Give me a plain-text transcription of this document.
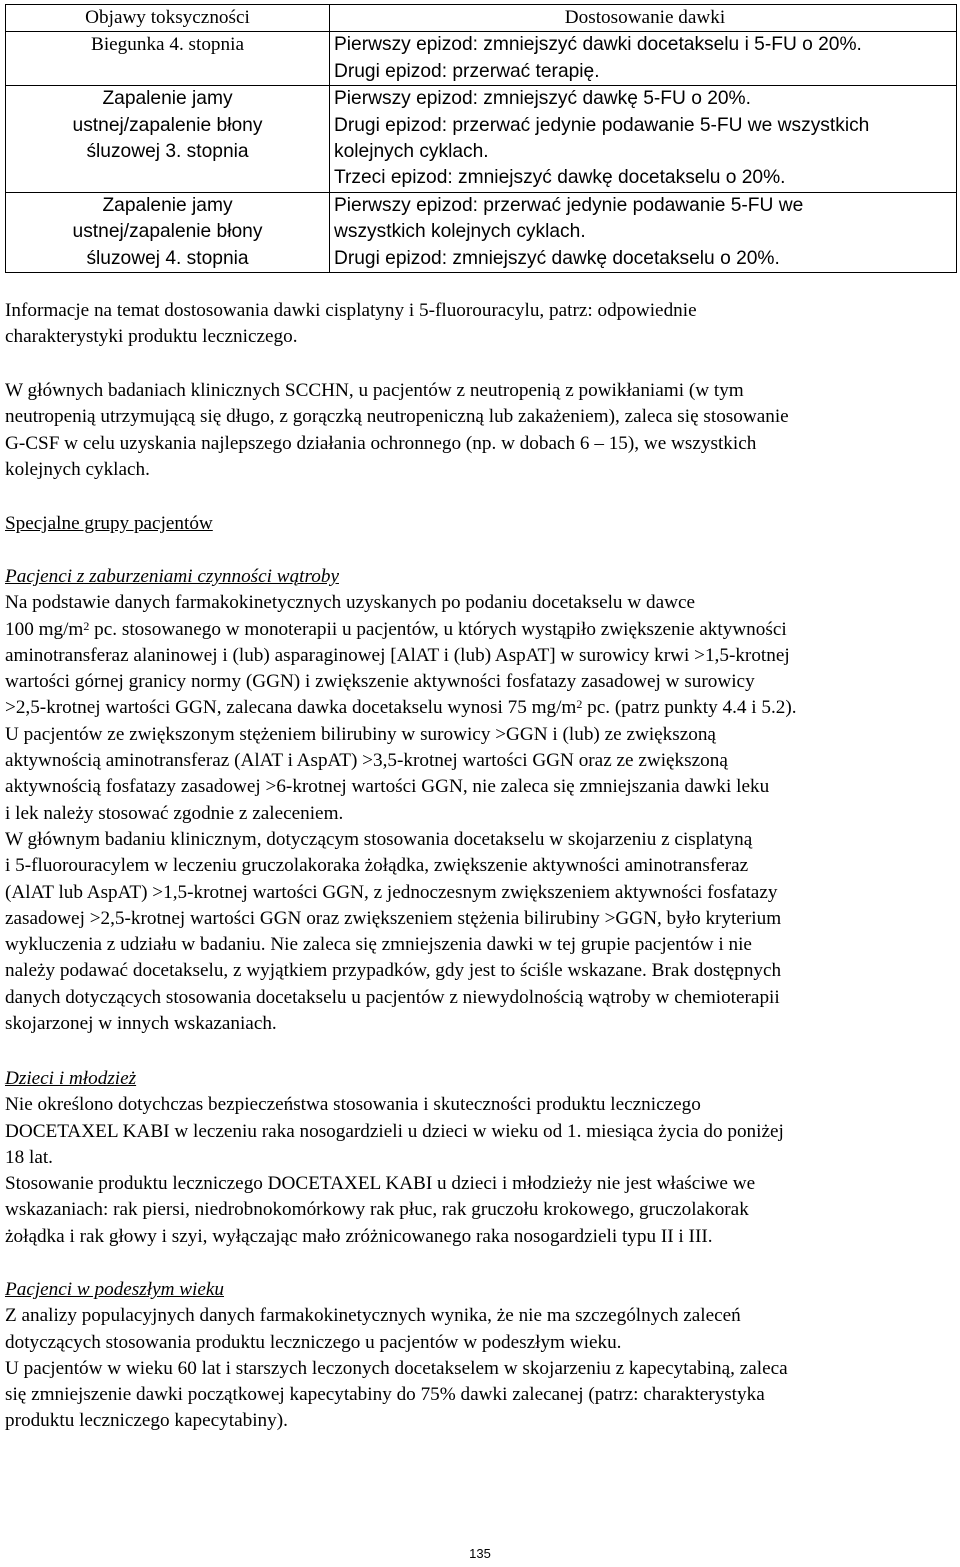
Objawy toksyczności	Dostosowanie dawki

Biegunka 4. stopnia	Pierwszy epizod: zmniejszyć dawki docetakselu i 5-FU o 20%.
Drugi epizod: przerwać terapię.

Zapalenie jamy
ustnej/zapalenie błony
śluzowej 3. stopnia	Pierwszy epizod: zmniejszyć dawkę 5-FU o 20%.
Drugi epizod: przerwać jedynie podawanie 5-FU we wszystkich
kolejnych cyklach.
Trzeci epizod: zmniejszyć dawkę docetakselu o 20%.

Zapalenie jamy
ustnej/zapalenie błony
śluzowej 4. stopnia	Pierwszy epizod: przerwać jedynie podawanie 5-FU we
wszystkich kolejnych cyklach.
Drugi epizod: zmniejszyć dawkę docetakselu o 20%.

Informacje na temat dostosowania dawki cisplatyny i 5-fluorouracylu, patrz: odpowiednie
charakterystyki produktu leczniczego.

W głównych badaniach klinicznych SCCHN, u pacjentów z neutropenią z powikłaniami (w tym
neutropenią utrzymującą się długo, z gorączką neutropeniczną lub zakażeniem), zaleca się stosowanie
G-CSF w celu uzyskania najlepszego działania ochronnego (np. w dobach 6 – 15), we wszystkich
kolejnych cyklach.

Specjalne grupy pacjentów

Pacjenci z zaburzeniami czynności wątroby
Na podstawie danych farmakokinetycznych uzyskanych po podaniu docetakselu w dawce
100 $mg/m^2$ pc. stosowanego w monoterapii u pacjentów, u których wystąpiło zwiększenie aktywności
aminotransferaz alaninowej i (lub) asparaginowej [AlAT i (lub) AspAT] w surowicy krwi >1,5-krotnej
wartości górnej granicy normy (GGN) i zwiększenie aktywności fosfatazy zasadowej w surowicy
>2,5-krotnej wartości GGN, zalecana dawka docetakselu wynosi 75 $mg/m^2$ pc. (patrz punkty 4.4 i 5.2).
U pacjentów ze zwiększonym stężeniem bilirubiny w surowicy >GGN i (lub) ze zwiększoną
aktywnością aminotransferaz (AlAT i AspAT) >3,5-krotnej wartości GGN oraz ze zwiększoną
aktywnością fosfatazy zasadowej >6-krotnej wartości GGN, nie zaleca się zmniejszania dawki leku
i lek należy stosować zgodnie z zaleceniem.
W głównym badaniu klinicznym, dotyczącym stosowania docetakselu w skojarzeniu z cisplatyną
i 5-fluorouracylem w leczeniu gruczolakoraka żołądka, zwiększenie aktywności aminotransferaz
(AlAT lub AspAT) >1,5-krotnej wartości GGN, z jednoczesnym zwiększeniem aktywności fosfatazy
zasadowej >2,5-krotnej wartości GGN oraz zwiększeniem stężenia bilirubiny >GGN, było kryterium
wykluczenia z udziału w badaniu. Nie zaleca się zmniejszenia dawki w tej grupie pacjentów i nie
należy podawać docetakselu, z wyjątkiem przypadków, gdy jest to ściśle wskazane. Brak dostępnych
danych dotyczących stosowania docetakselu u pacjentów z niewydolnością wątroby w chemioterapii
skojarzonej w innych wskazaniach.

Dzieci i młodzież
Nie określono dotychczas bezpieczeństwa stosowania i skuteczności produktu leczniczego
DOCETAXEL KABI w leczeniu raka nosogardzieli u dzieci w wieku od 1. miesiąca życia do poniżej
18 lat.
Stosowanie produktu leczniczego DOCETAXEL KABI u dzieci i młodzieży nie jest właściwe we
wskazaniach: rak piersi, niedrobnokomórkowy rak płuc, rak gruczołu krokowego, gruczolakorak
żołądka i rak głowy i szyi, wyłączając mało zróżnicowanego raka nosogardzieli typu II i III.

Pacjenci w podeszłym wieku
Z analizy populacyjnych danych farmakokinetycznych wynika, że nie ma szczególnych zaleceń
dotyczących stosowania produktu leczniczego u pacjentów w podeszłym wieku.
U pacjentów w wieku 60 lat i starszych leczonych docetakselem w skojarzeniu z kapecytabiną, zaleca
się zmniejszenie dawki początkowej kapecytabiny do 75% dawki zalecanej (patrz: charakterystyka
produktu leczniczego kapecytabiny).

135
